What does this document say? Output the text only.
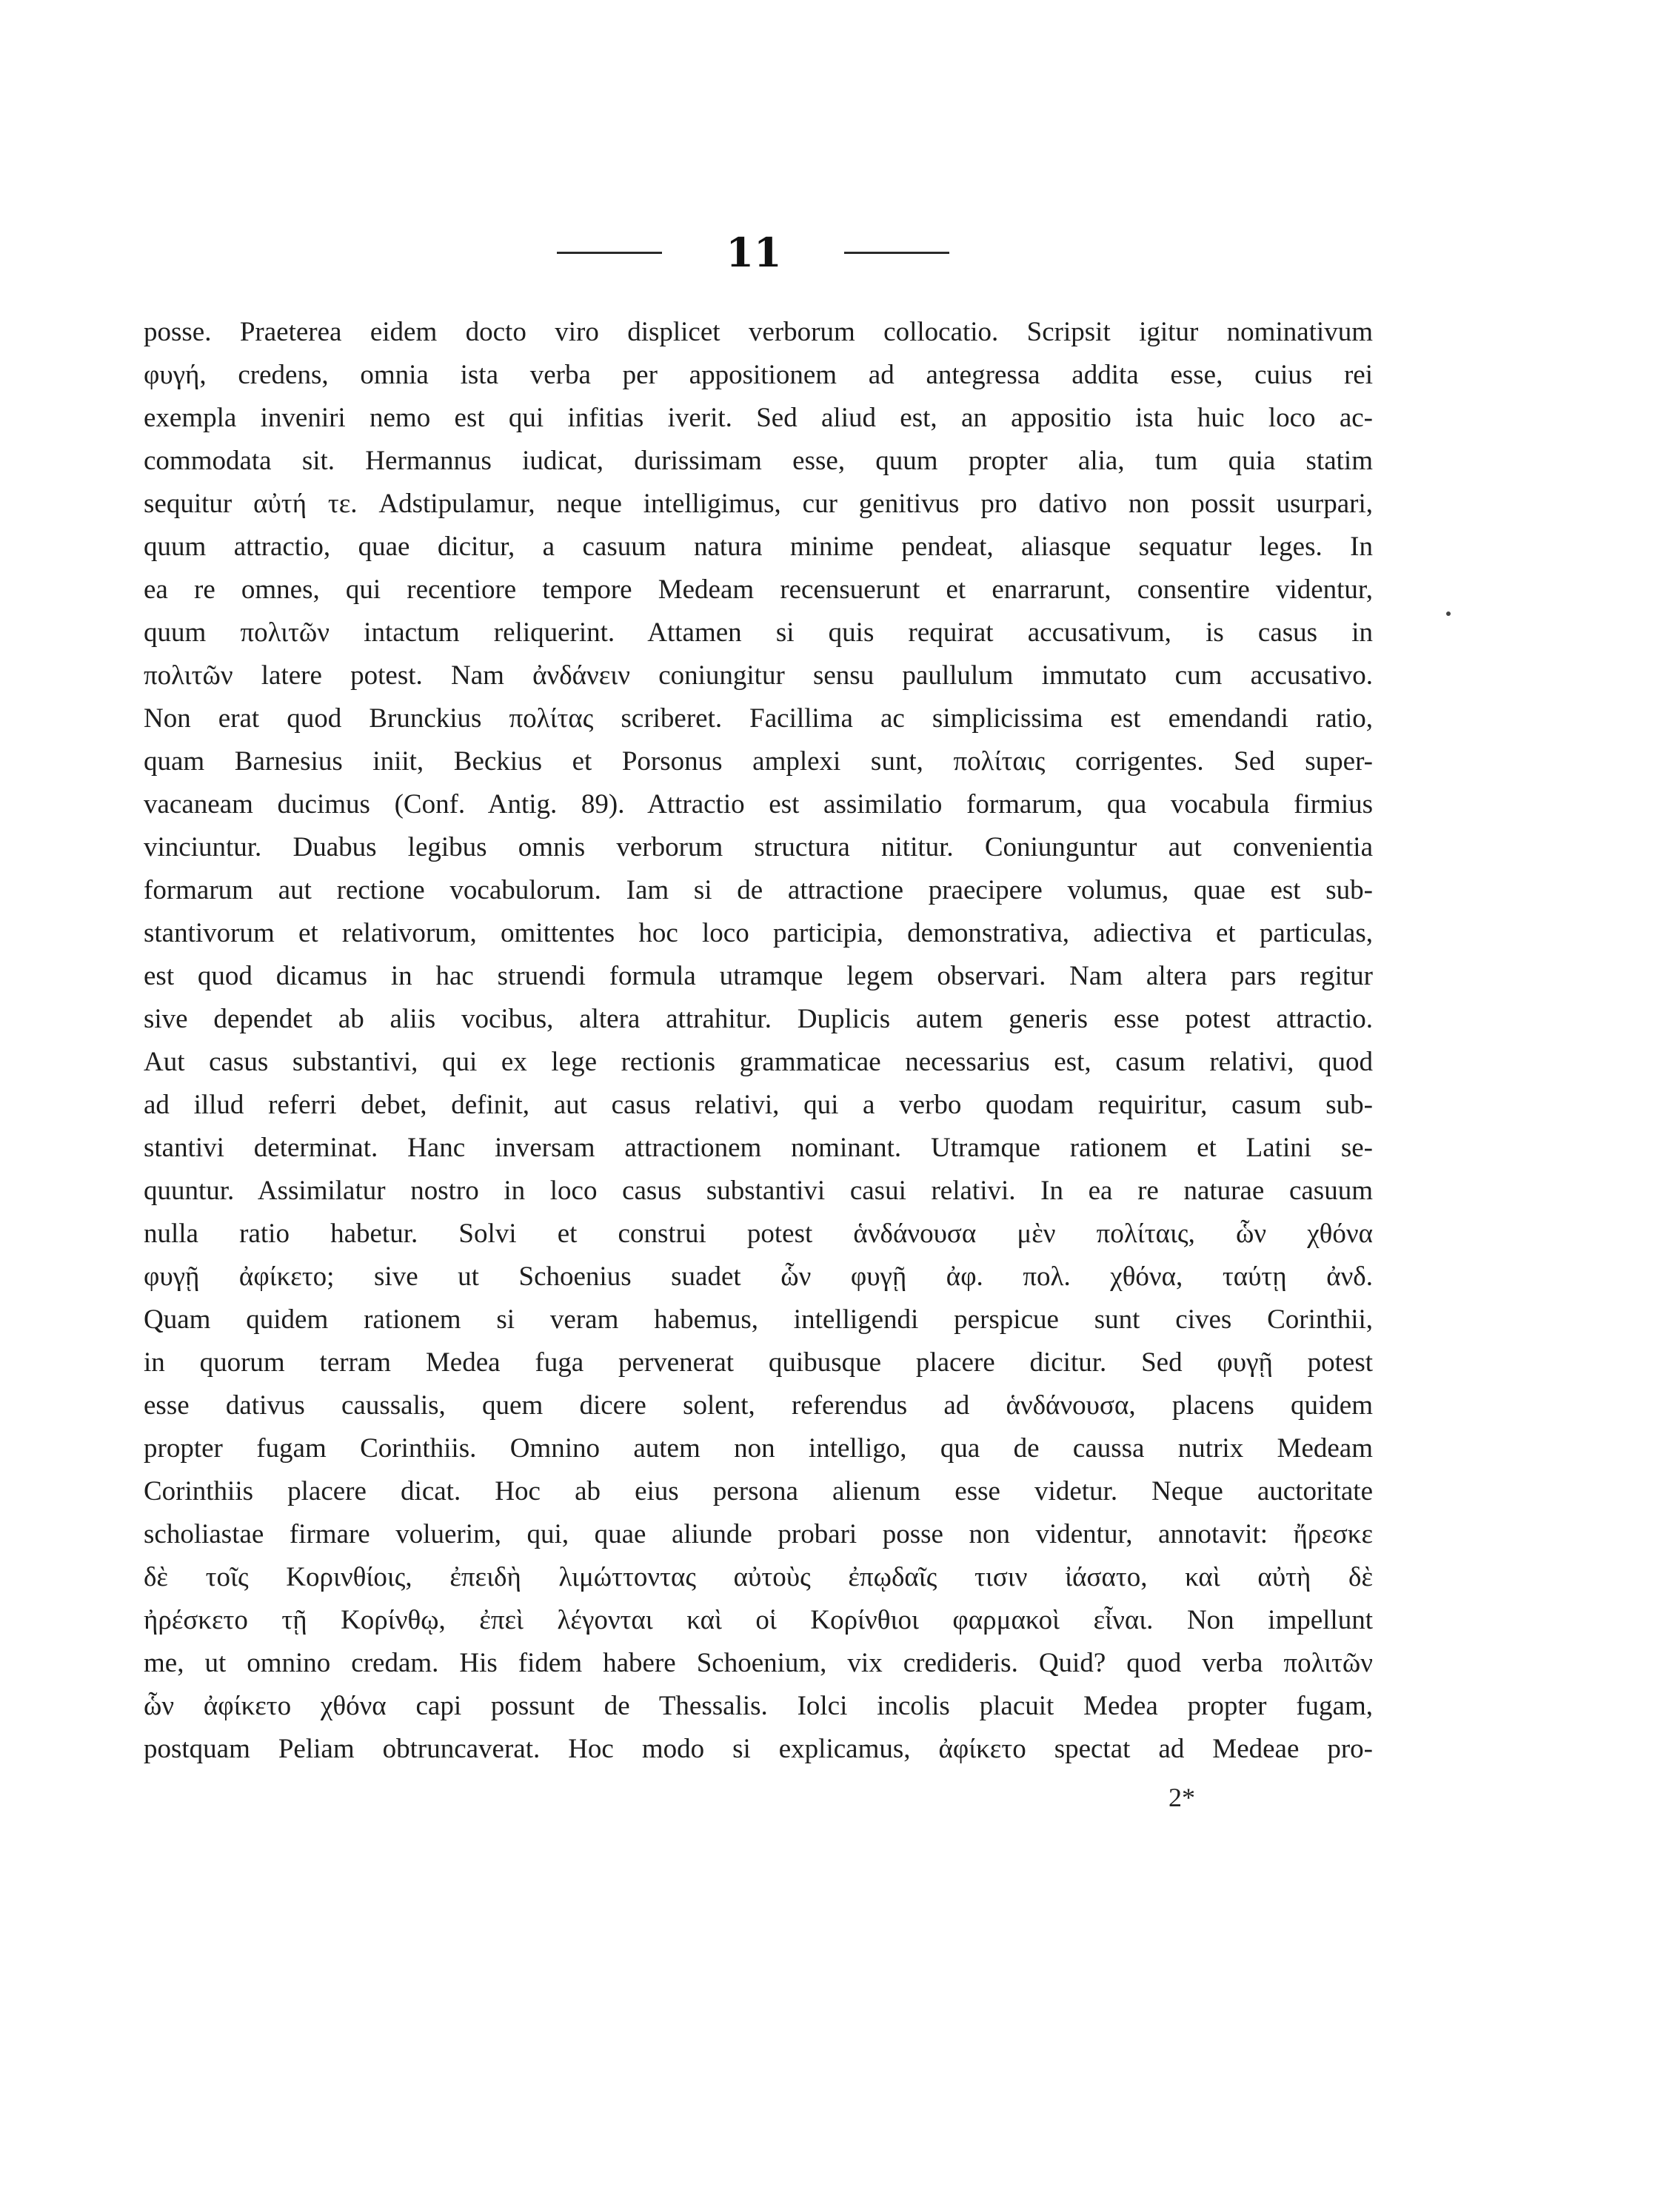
11
posse. Praeterea eidem docto viro displicet verborum collocatio. Scripsit igitur nominativum
φυγή, credens, omnia ista verba per appositionem ad antegressa addita esse, cuius rei
exempla inveniri nemo est qui infitias iverit. Sed aliud est, an appositio ista huic loco ac-
commodata sit. Hermannus iudicat, durissimam esse, quum propter alia, tum quia statim
sequitur αὐτή τε. Adstipulamur, neque intelligimus, cur genitivus pro dativo non possit usurpari,
quum attractio, quae dicitur, a casuum natura minime pendeat, aliasque sequatur leges. In
ea re omnes, qui recentiore tempore Medeam recensuerunt et enarrarunt, consentire videntur,
quum πολιτῶν intactum reliquerint. Attamen si quis requirat accusativum, is casus in
πολιτῶν latere potest. Nam ἀνδάνειν coniungitur sensu paullulum immutato cum accusativo.
Non erat quod Brunckius πολίτας scriberet. Facillima ac simplicissima est emendandi ratio,
quam Barnesius iniit, Beckius et Porsonus amplexi sunt, πολίταις corrigentes. Sed super-
vacaneam ducimus (Conf. Antig. 89). Attractio est assimilatio formarum, qua vocabula firmius
vinciuntur. Duabus legibus omnis verborum structura nititur. Coniunguntur aut convenientia
formarum aut rectione vocabulorum. Iam si de attractione praecipere volumus, quae est sub-
stantivorum et relativorum, omittentes hoc loco participia, demonstrativa, adiectiva et particulas,
est quod dicamus in hac struendi formula utramque legem observari. Nam altera pars regitur
sive dependet ab aliis vocibus, altera attrahitur. Duplicis autem generis esse potest attractio.
Aut casus substantivi, qui ex lege rectionis grammaticae necessarius est, casum relativi, quod
ad illud referri debet, definit, aut casus relativi, qui a verbo quodam requiritur, casum sub-
stantivi determinat. Hanc inversam attractionem nominant. Utramque rationem et Latini se-
quuntur. Assimilatur nostro in loco casus substantivi casui relativi. In ea re naturae casuum
nulla ratio habetur. Solvi et construi potest ἁνδάνουσα μὲν πολίταις, ὧν χθόνα
φυγῇ ἀφίκετο; sive ut Schoenius suadet ὧν φυγῇ ἀφ. πολ. χθόνα, ταύτῃ ἀνδ.
Quam quidem rationem si veram habemus, intelligendi perspicue sunt cives Corinthii,
in quorum terram Medea fuga pervenerat quibusque placere dicitur. Sed φυγῇ potest
esse dativus caussalis, quem dicere solent, referendus ad ἁνδάνουσα, placens quidem
propter fugam Corinthiis. Omnino autem non intelligo, qua de caussa nutrix Medeam
Corinthiis placere dicat. Hoc ab eius persona alienum esse videtur. Neque auctoritate
scholiastae firmare voluerim, qui, quae aliunde probari posse non videntur, annotavit: ἤρεσκε
δὲ τοῖς Κορινθίοις, ἐπειδὴ λιμώττοντας αὐτοὺς ἐπῳδαῖς τισιν ἰάσατο, καὶ αὐτὴ δὲ
ἠρέσκετο τῇ Κορίνθῳ, ἐπεὶ λέγονται καὶ οἱ Κορίνθιοι φαρμακοὶ εἶναι. Non impellunt
me, ut omnino credam. His fidem habere Schoenium, vix credideris. Quid? quod verba πολιτῶν
ὧν ἀφίκετο χθόνα capi possunt de Thessalis. Iolci incolis placuit Medea propter fugam,
postquam Peliam obtruncaverat. Hoc modo si explicamus, ἀφίκετο spectat ad Medeae pro-
2*
